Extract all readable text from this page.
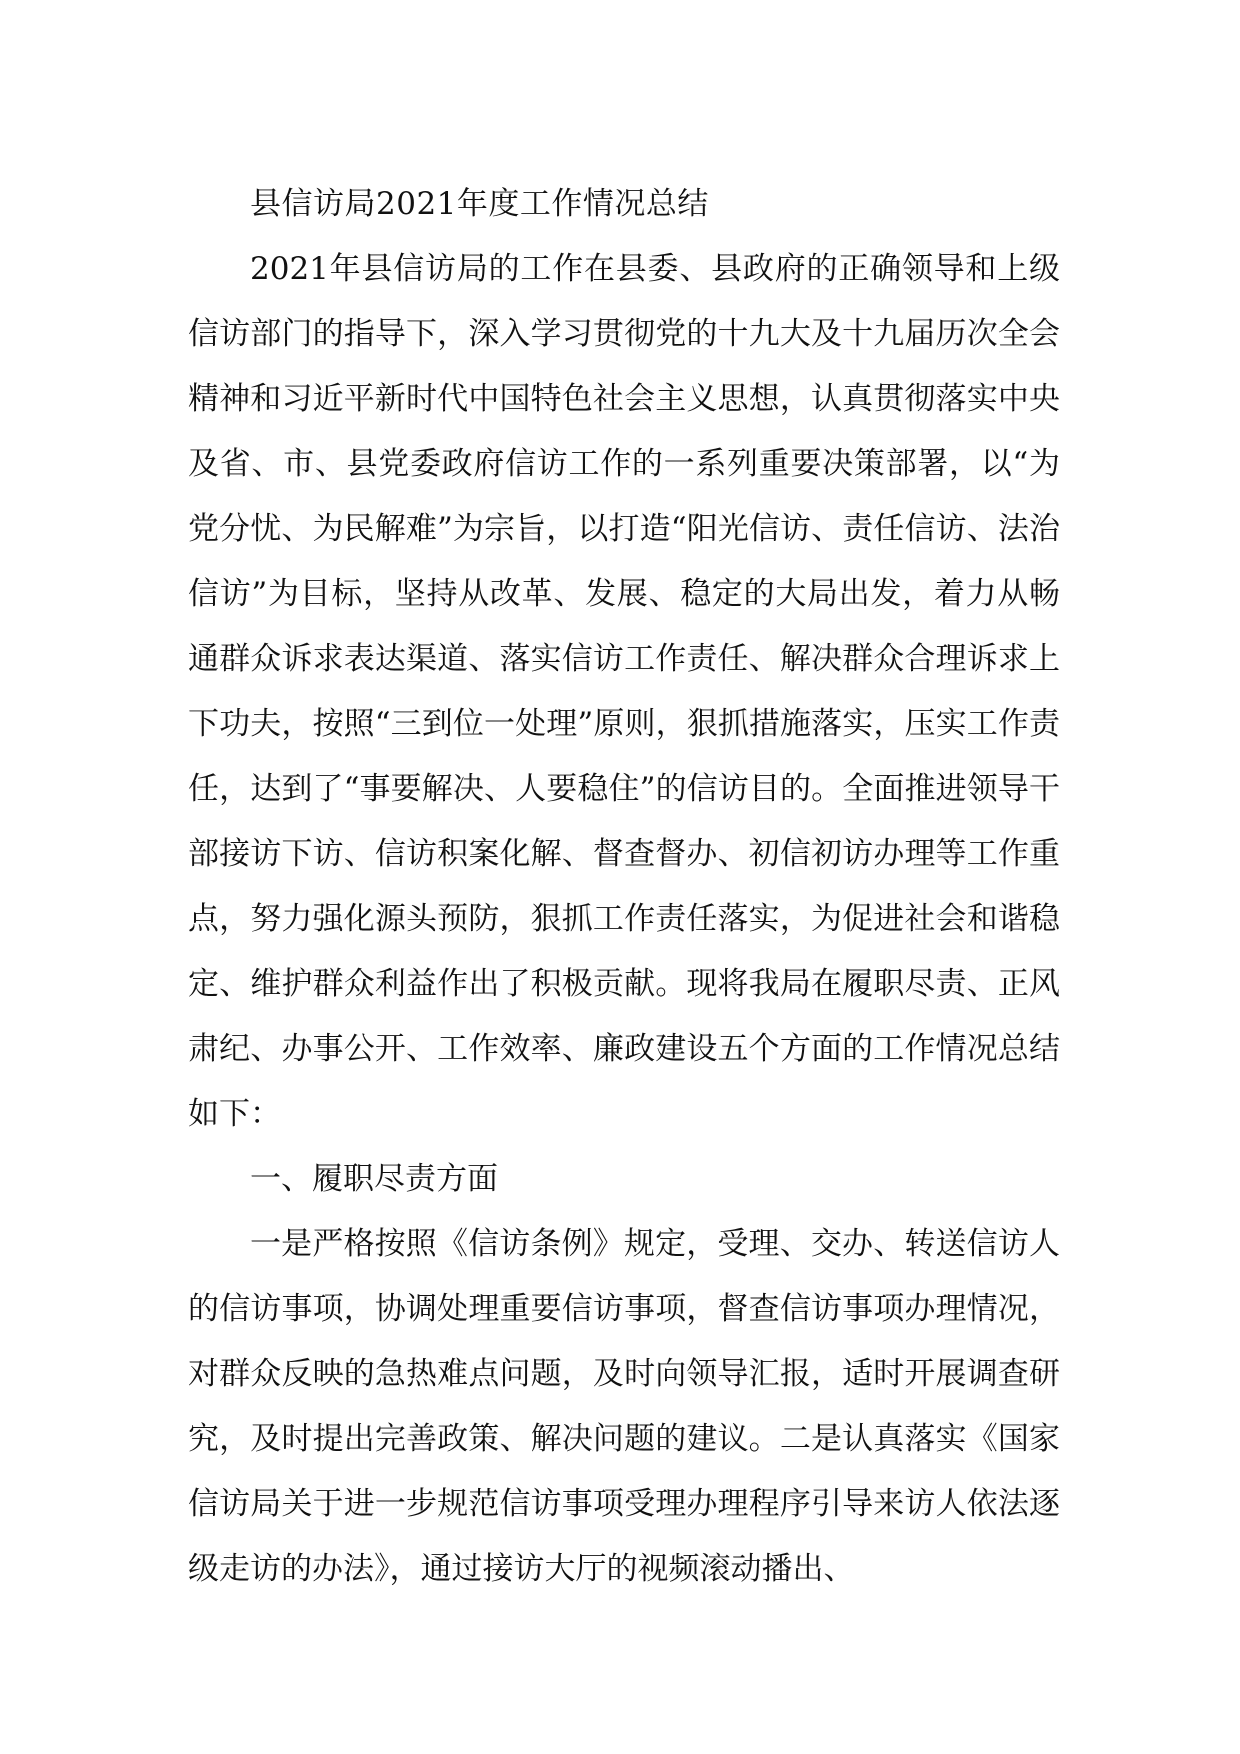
县信访局2021年度工作情况总结

2021年县信访局的工作在县委、县政府的正确领导和上级信访部门的指导下，深入学习贯彻党的十九大及十九届历次全会精神和习近平新时代中国特色社会主义思想，认真贯彻落实中央及省、市、县党委政府信访工作的一系列重要决策部署，以“为党分忧、为民解难”为宗旨，以打造“阳光信访、责任信访、法治信访”为目标，坚持从改革、发展、稳定的大局出发，着力从畅通群众诉求表达渠道、落实信访工作责任、解决群众合理诉求上下功夫，按照“三到位一处理”原则，狠抓措施落实，压实工作责任，达到了“事要解决、人要稳住”的信访目的。全面推进领导干部接访下访、信访积案化解、督查督办、初信初访办理等工作重点，努力强化源头预防，狠抓工作责任落实，为促进社会和谐稳定、维护群众利益作出了积极贡献。现将我局在履职尽责、正风肃纪、办事公开、工作效率、廉政建设五个方面的工作情况总结如下：

一、履职尽责方面

一是严格按照《信访条例》规定，受理、交办、转送信访人的信访事项，协调处理重要信访事项，督查信访事项办理情况，对群众反映的急热难点问题，及时向领导汇报，适时开展调查研究，及时提出完善政策、解决问题的建议。二是认真落实《国家信访局关于进一步规范信访事项受理办理程序引导来访人依法逐级走访的办法》，通过接访大厅的视频滚动播出、
